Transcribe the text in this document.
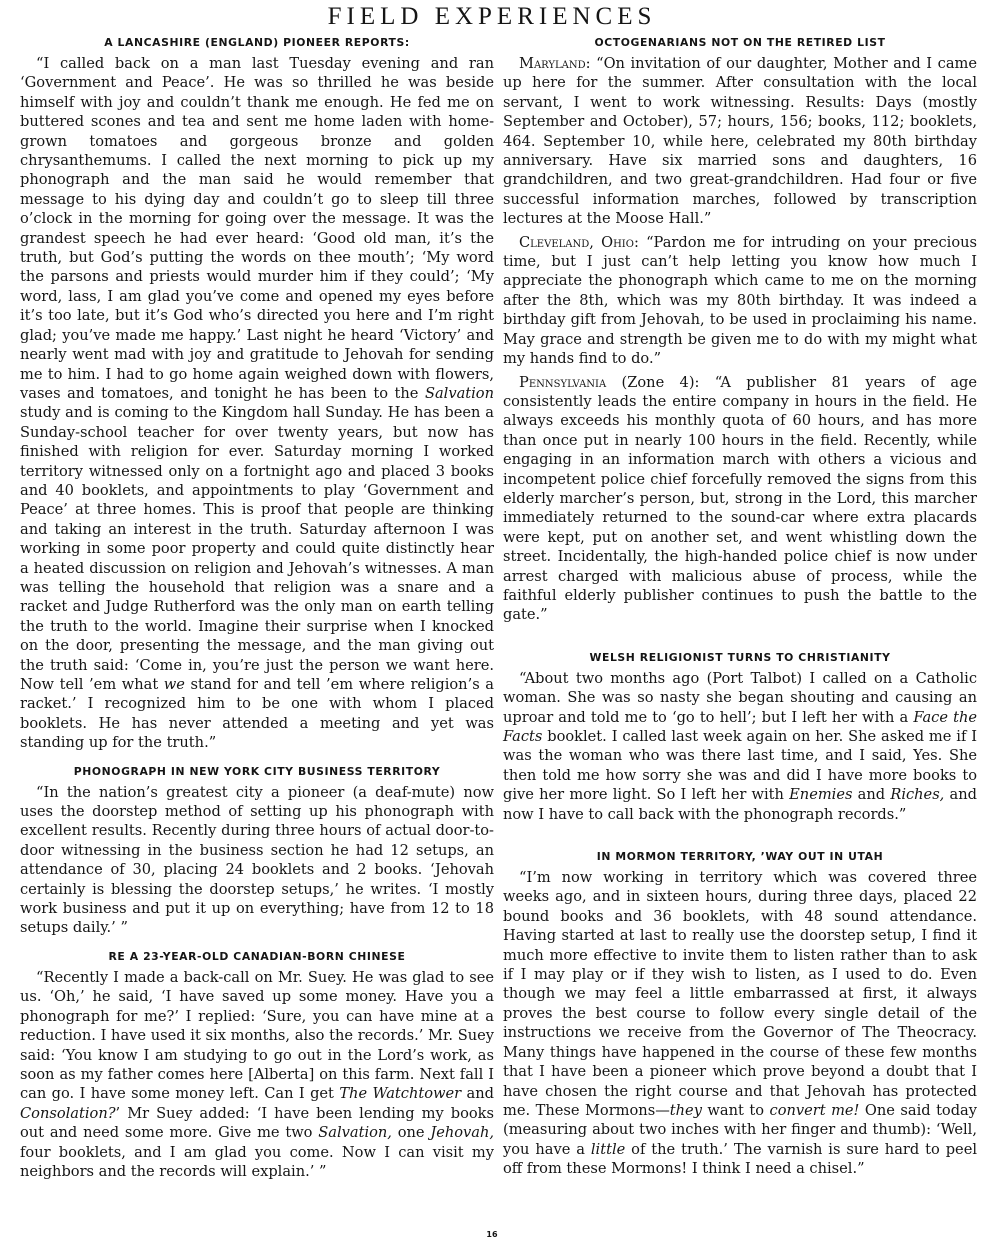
FIELD EXPERIENCES
A LANCASHIRE (ENGLAND) PIONEER REPORTS:

“I called back on a man last Tuesday evening and ran ‘Government and Peace’. He was so thrilled he was beside himself with joy and couldn’t thank me enough. He fed me on buttered scones and tea and sent me home laden with home-grown tomatoes and gorgeous bronze and golden chrysanthemums. I called the next morning to pick up my phonograph and the man said he would remember that message to his dying day and couldn’t go to sleep till three o’clock in the morning for going over the message. It was the grandest speech he had ever heard: ‘Good old man, it’s the truth, but God’s putting the words on thee mouth’; ‘My word the parsons and priests would murder him if they could’; ‘My word, lass, I am glad you’ve come and opened my eyes before it’s too late, but it’s God who’s directed you here and I’m right glad; you’ve made me happy.’ Last night he heard ‘Victory’ and nearly went mad with joy and gratitude to Jehovah for sending me to him. I had to go home again weighed down with flowers, vases and tomatoes, and tonight he has been to the Salvation study and is coming to the Kingdom hall Sunday. He has been a Sunday-school teacher for over twenty years, but now has finished with religion for ever. Saturday morning I worked territory witnessed only on a fortnight ago and placed 3 books and 40 booklets, and appointments to play ‘Government and Peace’ at three homes. This is proof that people are thinking and taking an interest in the truth. Saturday afternoon I was working in some poor property and could quite distinctly hear a heated discussion on religion and Jehovah’s witnesses. A man was telling the household that religion was a snare and a racket and Judge Rutherford was the only man on earth telling the truth to the world. Imagine their surprise when I knocked on the door, presenting the message, and the man giving out the truth said: ‘Come in, you’re just the person we want here. Now tell ’em what we stand for and tell ’em where religion’s a racket.’ I recognized him to be one with whom I placed booklets. He has never attended a meeting and yet was standing up for the truth.”

PHONOGRAPH IN NEW YORK CITY BUSINESS TERRITORY

“In the nation’s greatest city a pioneer (a deaf-mute) now uses the doorstep method of setting up his phonograph with excellent results. Recently during three hours of actual door-to-door witnessing in the business section he had 12 setups, an attendance of 30, placing 24 booklets and 2 books. ‘Jehovah certainly is blessing the doorstep setups,’ he writes. ‘I mostly work business and put it up on everything; have from 12 to 18 setups daily.’ ”

RE A 23-YEAR-OLD CANADIAN-BORN CHINESE

“Recently I made a back-call on Mr. Suey. He was glad to see us. ‘Oh,’ he said, ‘I have saved up some money. Have you a phonograph for me?’ I replied: ‘Sure, you can have mine at a reduction. I have used it six months, also the records.’ Mr. Suey said: ‘You know I am studying to go out in the Lord’s work, as soon as my father comes here [Alberta] on this farm. Next fall I can go. I have some money left. Can I get The Watchtower and Consolation?’ Mr Suey added: ‘I have been lending my books out and need some more. Give me two Salvation, one Jehovah, four booklets, and I am glad you come. Now I can visit my neighbors and the records will explain.’ ”

OCTOGENARIANS NOT ON THE RETIRED LIST

Maryland: “On invitation of our daughter, Mother and I came up here for the summer. After consultation with the local servant, I went to work witnessing. Results: Days (mostly September and October), 57; hours, 156; books, 112; booklets, 464. September 10, while here, celebrated my 80th birthday anniversary. Have six married sons and daughters, 16 grandchildren, and two great-grandchildren. Had four or five successful information marches, followed by transcription lectures at the Moose Hall.”

Cleveland, Ohio: “Pardon me for intruding on your precious time, but I just can’t help letting you know how much I appreciate the phonograph which came to me on the morning after the 8th, which was my 80th birthday. It was indeed a birthday gift from Jehovah, to be used in proclaiming his name. May grace and strength be given me to do with my might what my hands find to do.”

Pennsylvania (Zone 4): “A publisher 81 years of age consistently leads the entire company in hours in the field. He always exceeds his monthly quota of 60 hours, and has more than once put in nearly 100 hours in the field. Recently, while engaging in an information march with others a vicious and incompetent police chief forcefully removed the signs from this elderly marcher’s person, but, strong in the Lord, this marcher immediately returned to the sound-car where extra placards were kept, put on another set, and went whistling down the street. Incidentally, the high-handed police chief is now under arrest charged with malicious abuse of process, while the faithful elderly publisher continues to push the battle to the gate.”

WELSH RELIGIONIST TURNS TO CHRISTIANITY

“About two months ago (Port Talbot) I called on a Catholic woman. She was so nasty she began shouting and causing an uproar and told me to ‘go to hell’; but I left her with a Face the Facts booklet. I called last week again on her. She asked me if I was the woman who was there last time, and I said, Yes. She then told me how sorry she was and did I have more books to give her more light. So I left her with Enemies and Riches, and now I have to call back with the phonograph records.”

IN MORMON TERRITORY, ’WAY OUT IN UTAH

“I’m now working in territory which was covered three weeks ago, and in sixteen hours, during three days, placed 22 bound books and 36 booklets, with 48 sound attendance. Having started at last to really use the doorstep setup, I find it much more effective to invite them to listen rather than to ask if I may play or if they wish to listen, as I used to do. Even though we may feel a little embarrassed at first, it always proves the best course to follow every single detail of the instructions we receive from the Governor of The Theocracy. Many things have happened in the course of these few months that I have been a pioneer which prove beyond a doubt that I have chosen the right course and that Jehovah has protected me. These Mormons—they want to convert me! One said today (measuring about two inches with her finger and thumb): ‘Well, you have a little of the truth.’ The varnish is sure hard to peel off from these Mormons! I think I need a chisel.”

16
